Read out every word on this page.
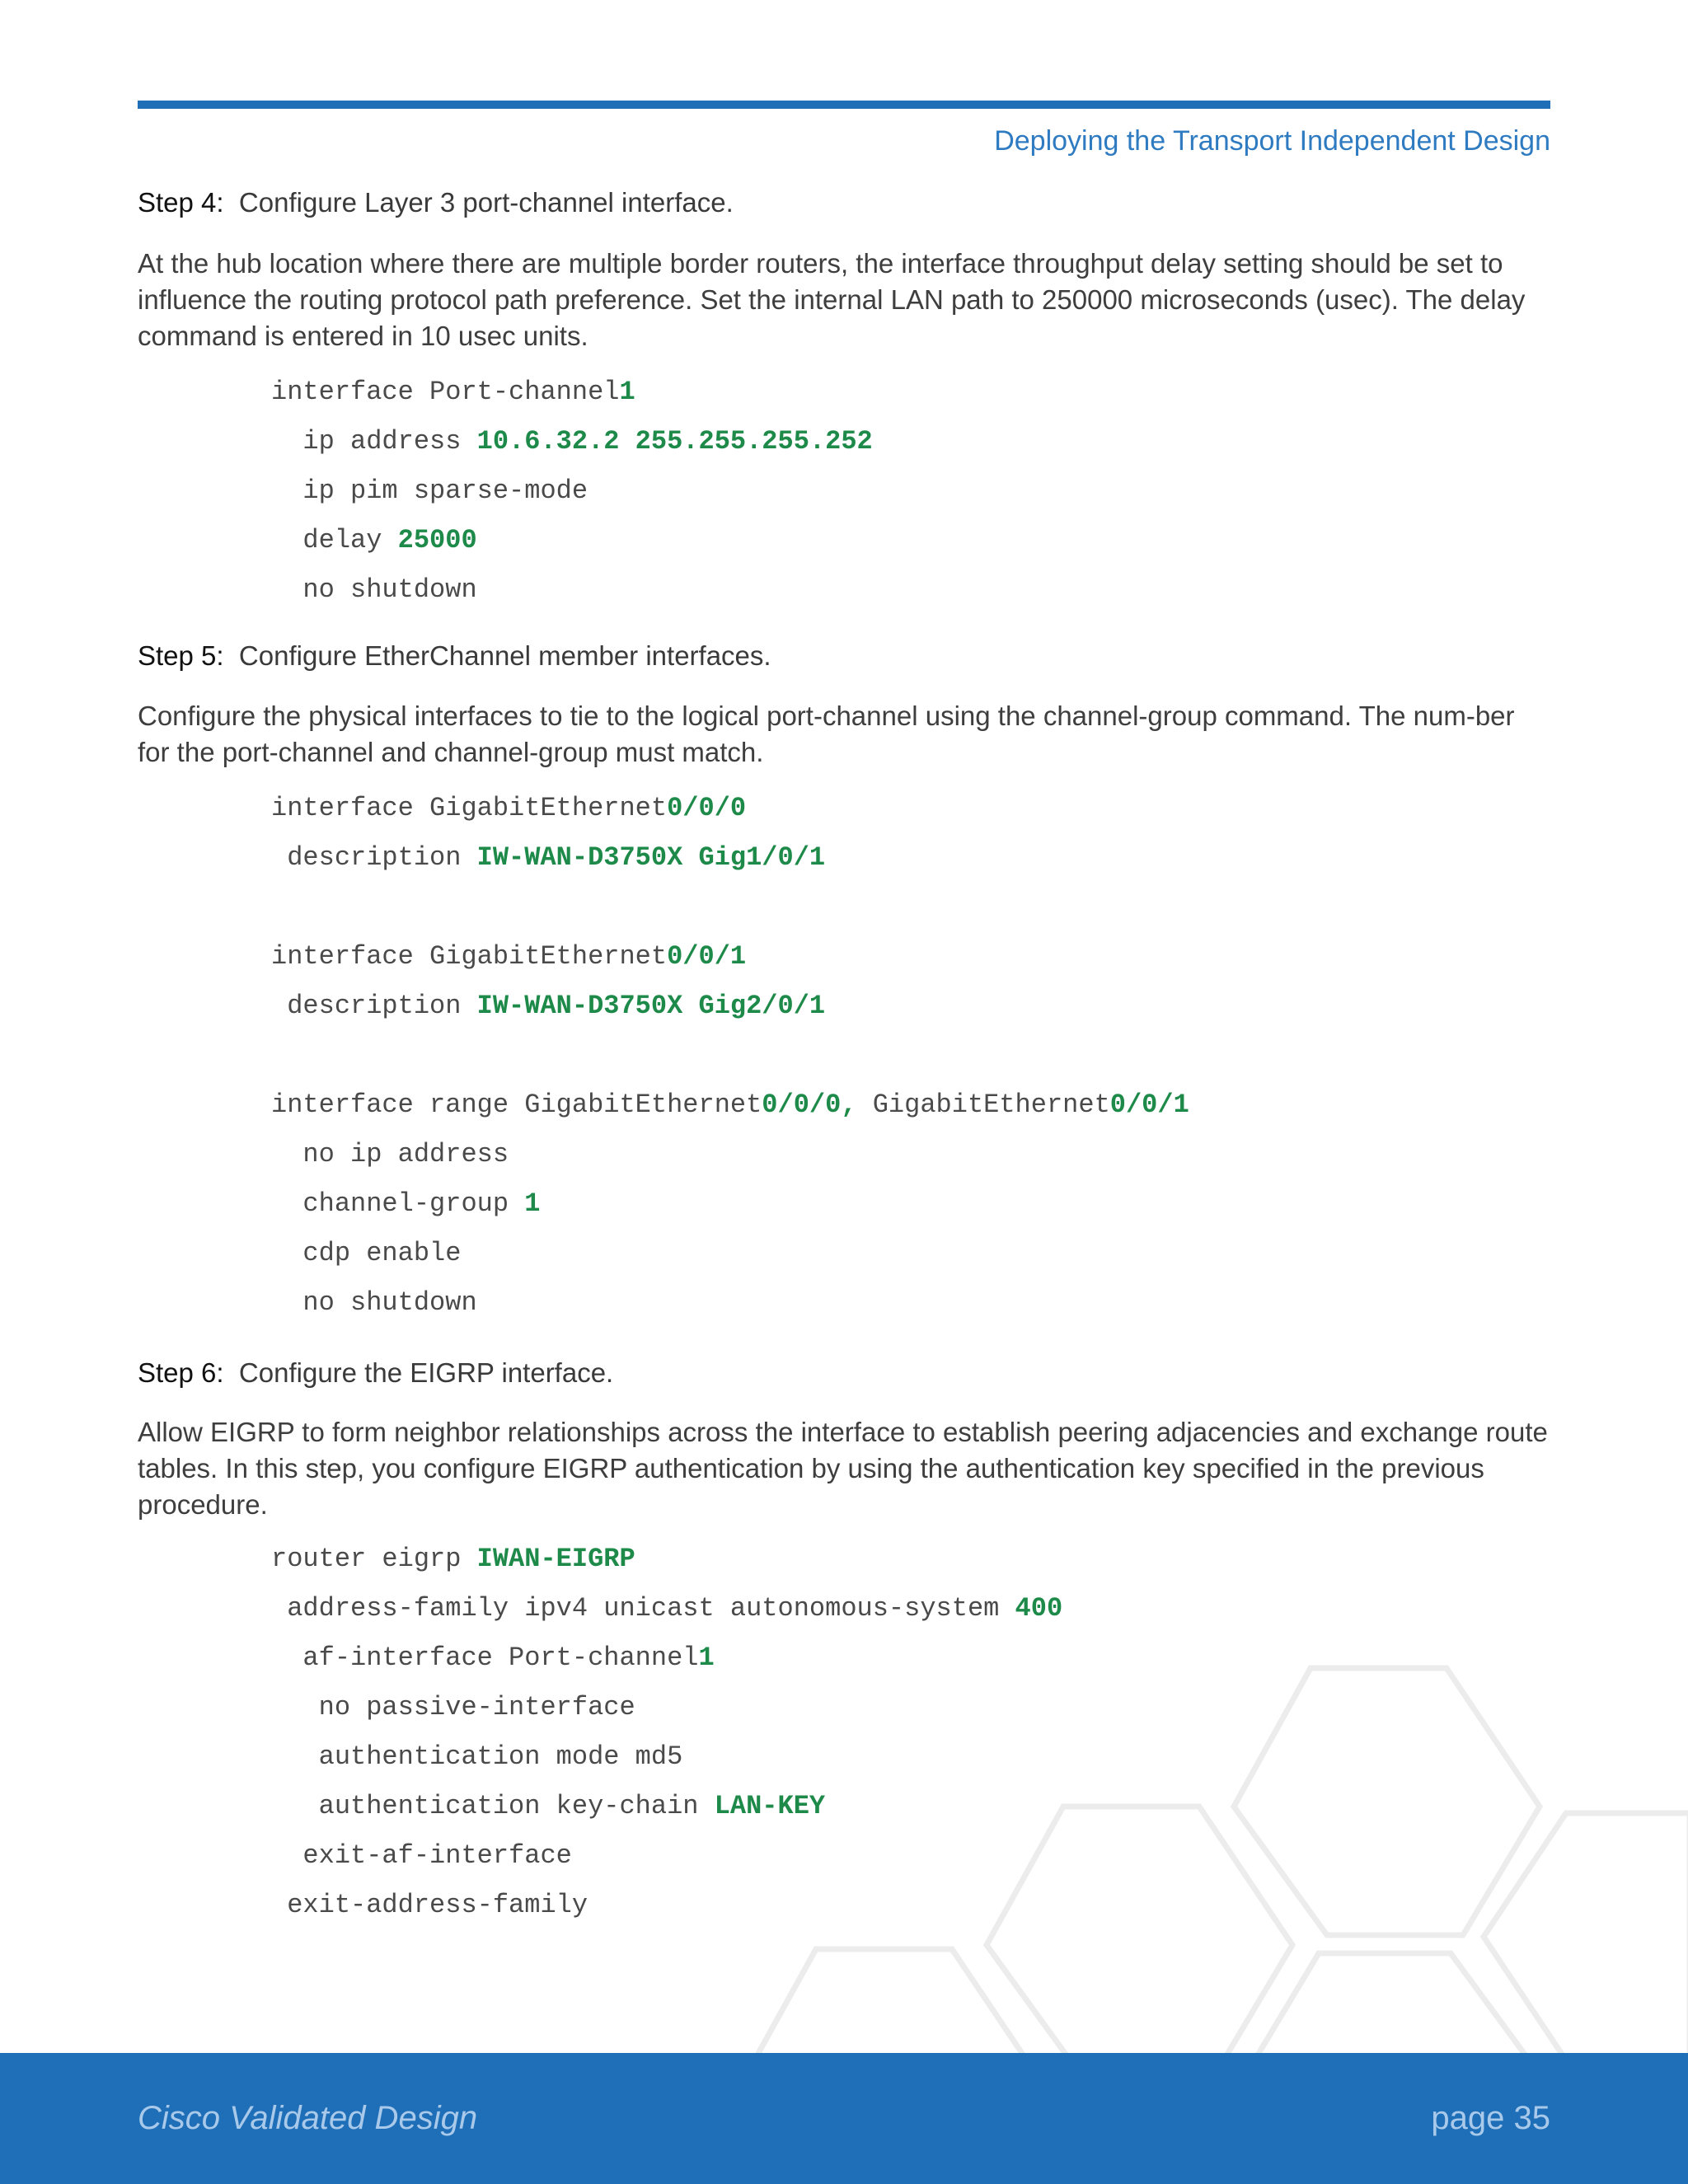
Deploying the Transport Independent Design
Step 4: Configure Layer 3 port-channel interface.
At the hub location where there are multiple border routers, the interface throughput delay setting should be set to influence the routing protocol path preference. Set the internal LAN path to 250000 microseconds (usec). The delay command is entered in 10 usec units.
interface Port-channel1
ip address 10.6.32.2 255.255.255.252
ip pim sparse-mode
delay 25000
no shutdown
Step 5: Configure EtherChannel member interfaces.
Configure the physical interfaces to tie to the logical port-channel using the channel-group command. The num-ber for the port-channel and channel-group must match.
interface GigabitEthernet0/0/0
description IW-WAN-D3750X Gig1/0/1
interface GigabitEthernet0/0/1
description IW-WAN-D3750X Gig2/0/1
interface range GigabitEthernet0/0/0, GigabitEthernet0/0/1
no ip address
channel-group 1
cdp enable
no shutdown
Step 6: Configure the EIGRP interface.
Allow EIGRP to form neighbor relationships across the interface to establish peering adjacencies and exchange route tables. In this step, you configure EIGRP authentication by using the authentication key specified in the previous procedure.
router eigrp IWAN-EIGRP
address-family ipv4 unicast autonomous-system 400
af-interface Port-channel1
no passive-interface
authentication mode md5
authentication key-chain LAN-KEY
exit-af-interface
exit-address-family
Cisco Validated Design	page 35
